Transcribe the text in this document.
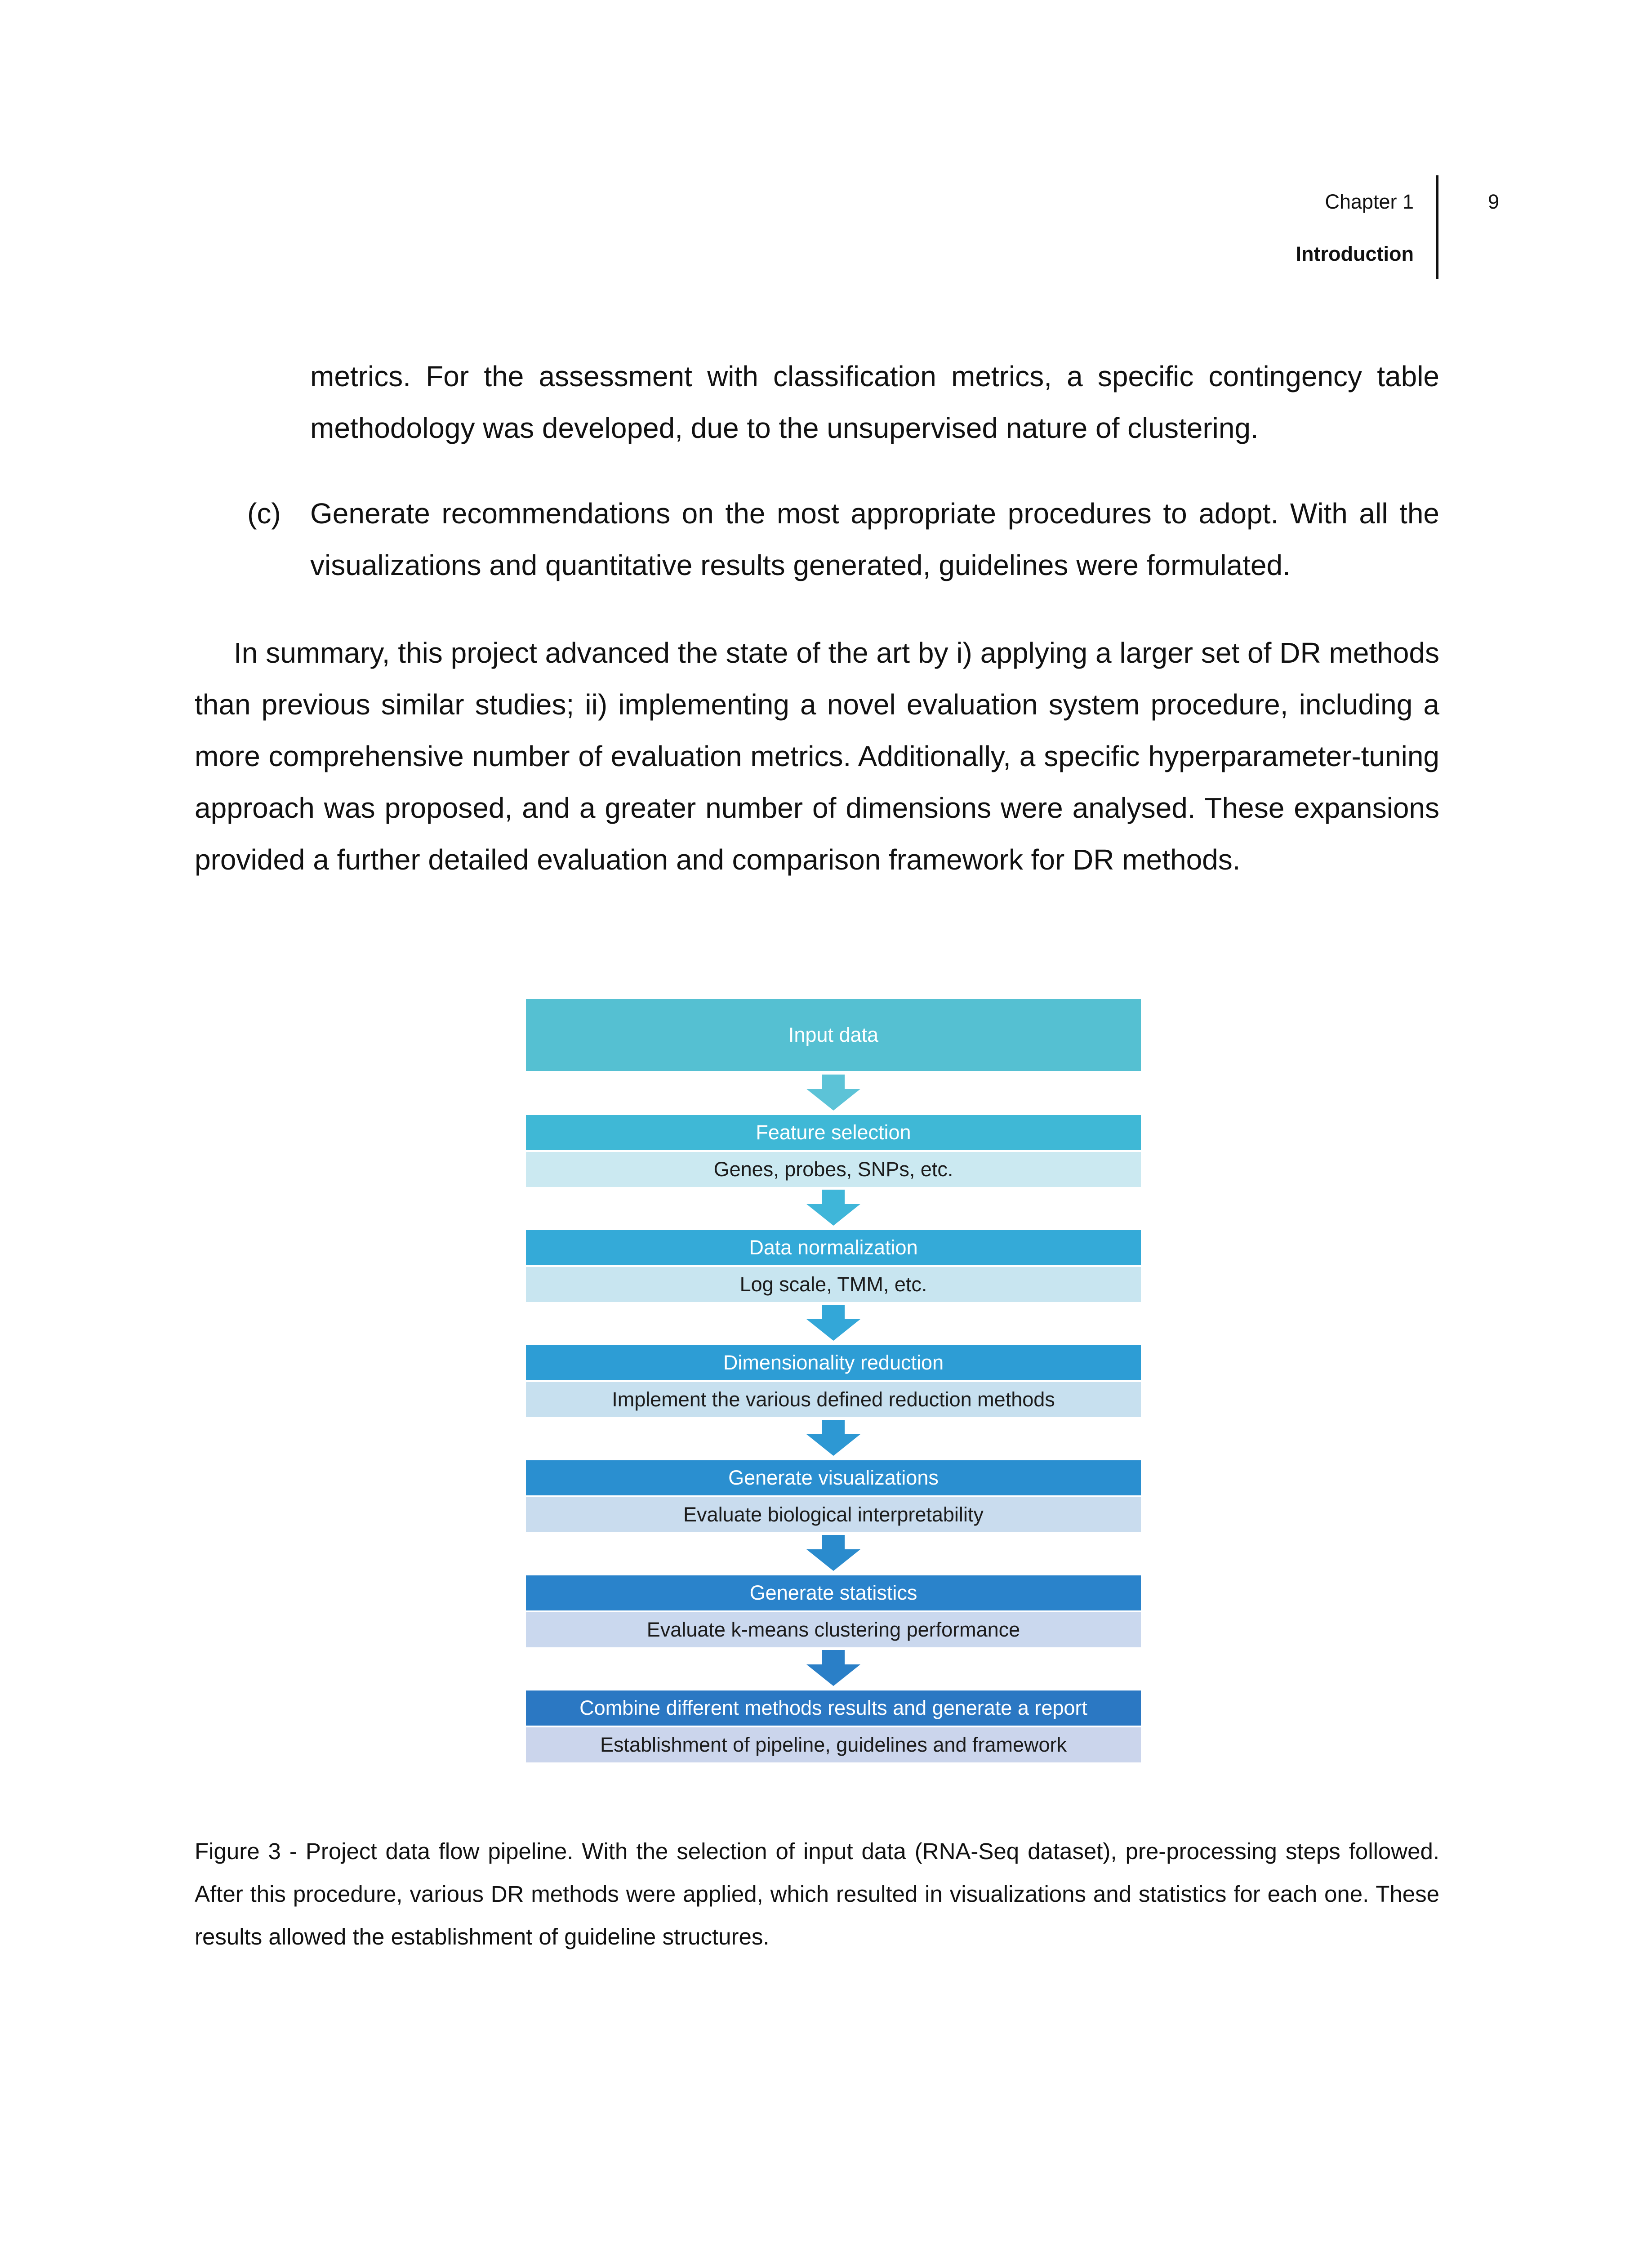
Chapter 1
Introduction
9

metrics. For the assessment with classification metrics, a specific contingency table methodology was developed, due to the unsupervised nature of clustering.

(c) Generate recommendations on the most appropriate procedures to adopt. With all the visualizations and quantitative results generated, guidelines were formulated.

In summary, this project advanced the state of the art by i) applying a larger set of DR methods than previous similar studies; ii) implementing a novel evaluation system procedure, including a more comprehensive number of evaluation metrics. Additionally, a specific hyperparameter-tuning approach was proposed, and a greater number of dimensions were analysed. These expansions provided a further detailed evaluation and comparison framework for DR methods.

Input data
Feature selection
Genes, probes, SNPs, etc.
Data normalization
Log scale, TMM, etc.
Dimensionality reduction
Implement the various defined reduction methods
Generate visualizations
Evaluate biological interpretability
Generate statistics
Evaluate k-means clustering performance
Combine different methods results and generate a report
Establishment of pipeline, guidelines and framework

Figure 3 - Project data flow pipeline. With the selection of input data (RNA-Seq dataset), pre-processing steps followed. After this procedure, various DR methods were applied, which resulted in visualizations and statistics for each one. These results allowed the establishment of guideline structures.
